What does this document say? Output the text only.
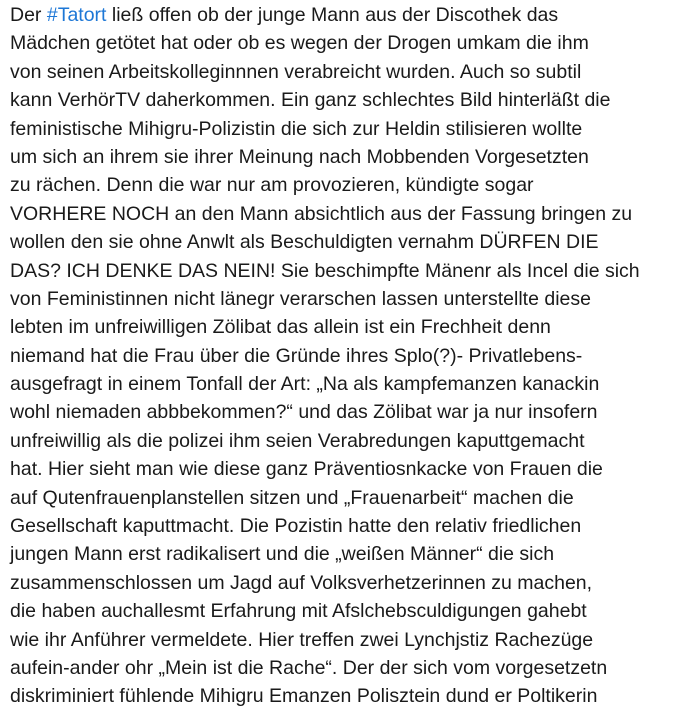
Der #Tatort ließ offen ob der junge Mann aus der Discothek das
Mädchen getötet hat oder ob es wegen der Drogen umkam die ihm
von seinen Arbeitskolleginnnen verabreicht wurden. Auch so subtil
kann VerhörTV daherkommen. Ein ganz schlechtes Bild hinterläßt die
feministische Mihigru-Polizistin die sich zur Heldin stilisieren wollte
um sich an ihrem sie ihrer Meinung nach Mobbenden Vorgesetzten
zu rächen. Denn die war nur am provozieren, kündigte sogar
VORHERE NOCH an den Mann absichtlich aus der Fassung bringen zu
wollen den sie ohne Anwlt als Beschuldigten vernahm DÜRFEN DIE
DAS? ICH DENKE DAS NEIN! Sie beschimpfte Mänenr als Incel die sich
von Feministinnen nicht länegr verarschen lassen unterstellte diese
lebten im unfreiwilligen Zölibat das allein ist ein Frechheit denn
niemand hat die Frau über die Gründe ihres Splo(?)- Privatlebens-
ausgefragt in einem Tonfall der Art: „Na als kampfemanzen kanackin
wohl niemaden abbbekommen?“ und das Zölibat war ja nur insofern
unfreiwillig als die polizei ihm seien Verabredungen kaputtgemacht
hat. Hier sieht man wie diese ganz Präventiosnkacke von Frauen die
auf Qutenfrauenplanstellen sitzen und „Frauenarbeit“ machen die
Gesellschaft kaputtmacht. Die Pozistin hatte den relativ friedlichen
jungen Mann erst radikalisert und die „weißen Männer“ die sich
zusammenschlossen um Jagd auf Volksverhetzerinnen zu machen,
die haben auchallesmt Erfahrung mit Afslchebsculdigungen gahebt
wie ihr Anführer vermeldete. Hier treffen zwei Lynchjstiz Rachezüge
aufein-ander ohr „Mein ist die Rache“. Der der sich vom vorgesetzetn
diskriminiert fühlende Mihigru Emanzen Polisztein dund er Poltikerin
